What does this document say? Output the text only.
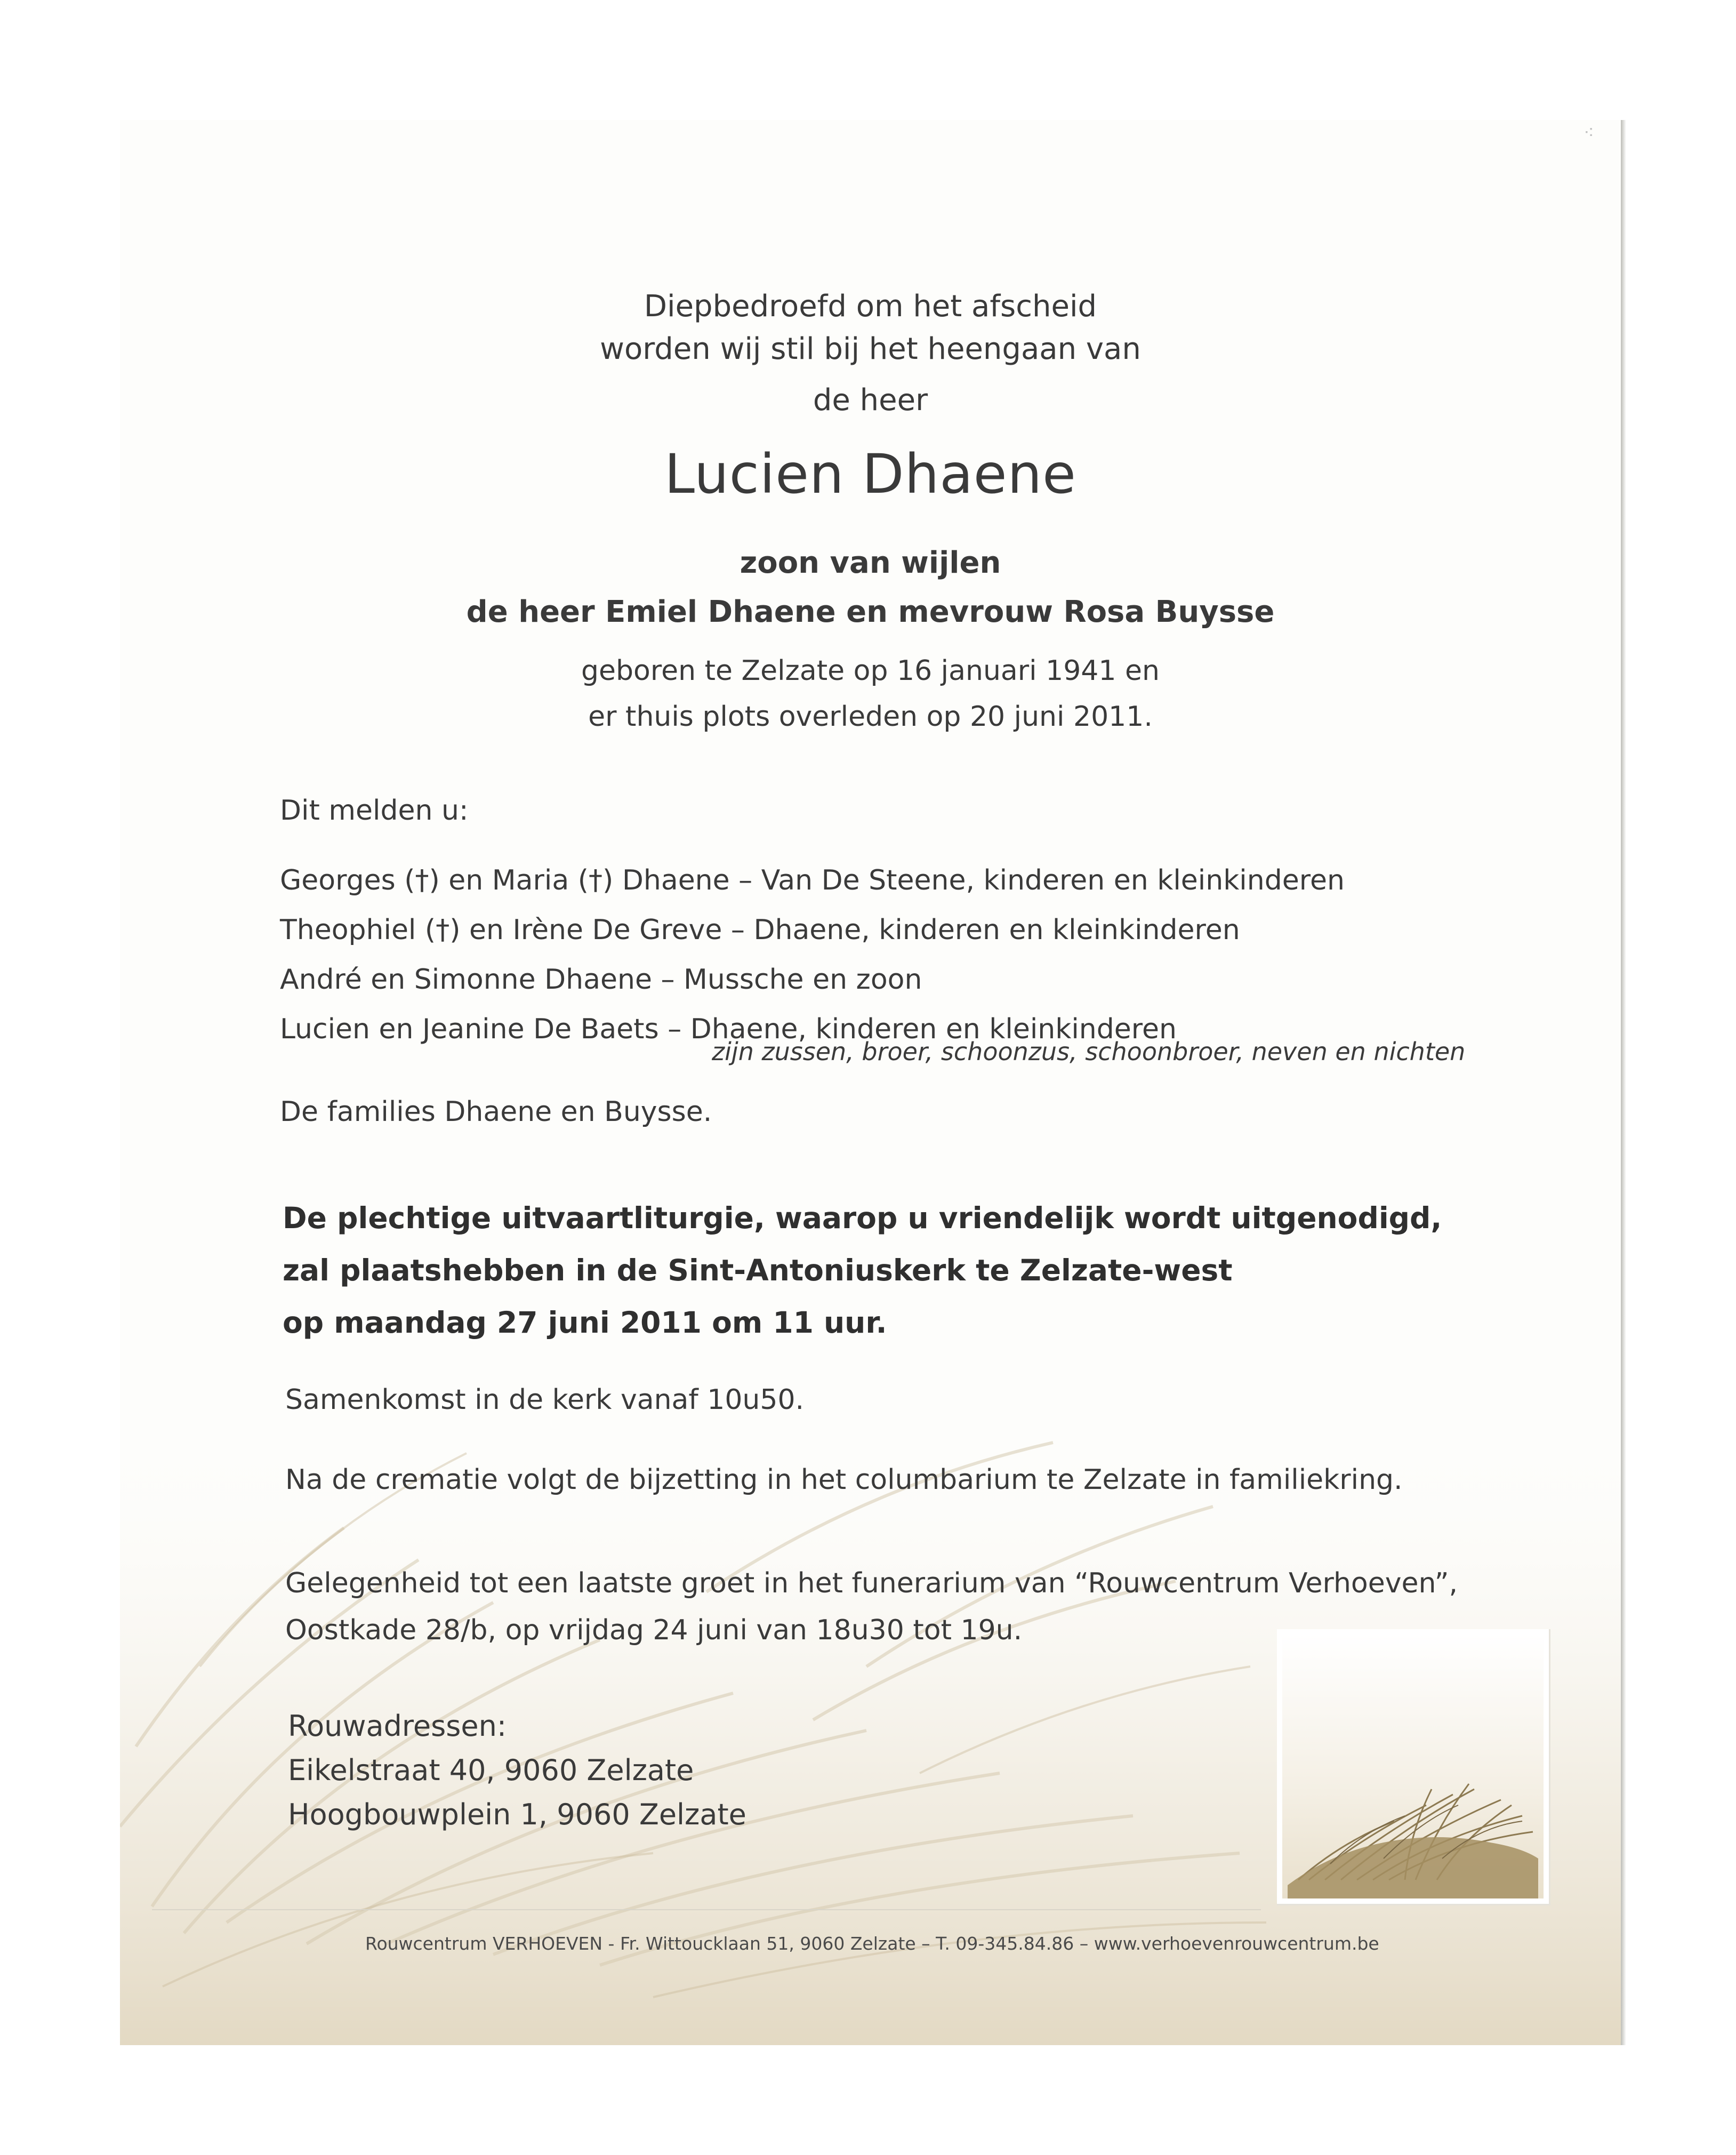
Diepbedroefd om het afscheid
worden wij stil bij het heengaan van
de heer
Lucien Dhaene
zoon van wijlen
de heer Emiel Dhaene en mevrouw Rosa Buysse
geboren te Zelzate op 16 januari 1941 en
er thuis plots overleden op 20 juni 2011.
Dit melden u:
Georges (†) en Maria (†) Dhaene – Van De Steene, kinderen en kleinkinderen
Theophiel (†) en Irène De Greve – Dhaene, kinderen en kleinkinderen
André en Simonne Dhaene – Mussche en zoon
Lucien en Jeanine De Baets – Dhaene, kinderen en kleinkinderen
zijn zussen, broer, schoonzus, schoonbroer, neven en nichten
De families Dhaene en Buysse.
De plechtige uitvaartliturgie, waarop u vriendelijk wordt uitgenodigd,
zal plaatshebben in de Sint-Antoniuskerk te Zelzate-west
op maandag 27 juni 2011 om 11 uur.
Samenkomst in de kerk vanaf 10u50.
Na de crematie volgt de bijzetting in het columbarium te Zelzate in familiekring.
Gelegenheid tot een laatste groet in het funerarium van “Rouwcentrum Verhoeven”,
Oostkade 28/b, op vrijdag 24 juni van 18u30 tot 19u.
Rouwadressen:
Eikelstraat 40, 9060 Zelzate
Hoogbouwplein 1, 9060 Zelzate
Rouwcentrum VERHOEVEN - Fr. Wittoucklaan 51, 9060 Zelzate – T. 09-345.84.86 – www.verhoevenrouwcentrum.be
⁖
